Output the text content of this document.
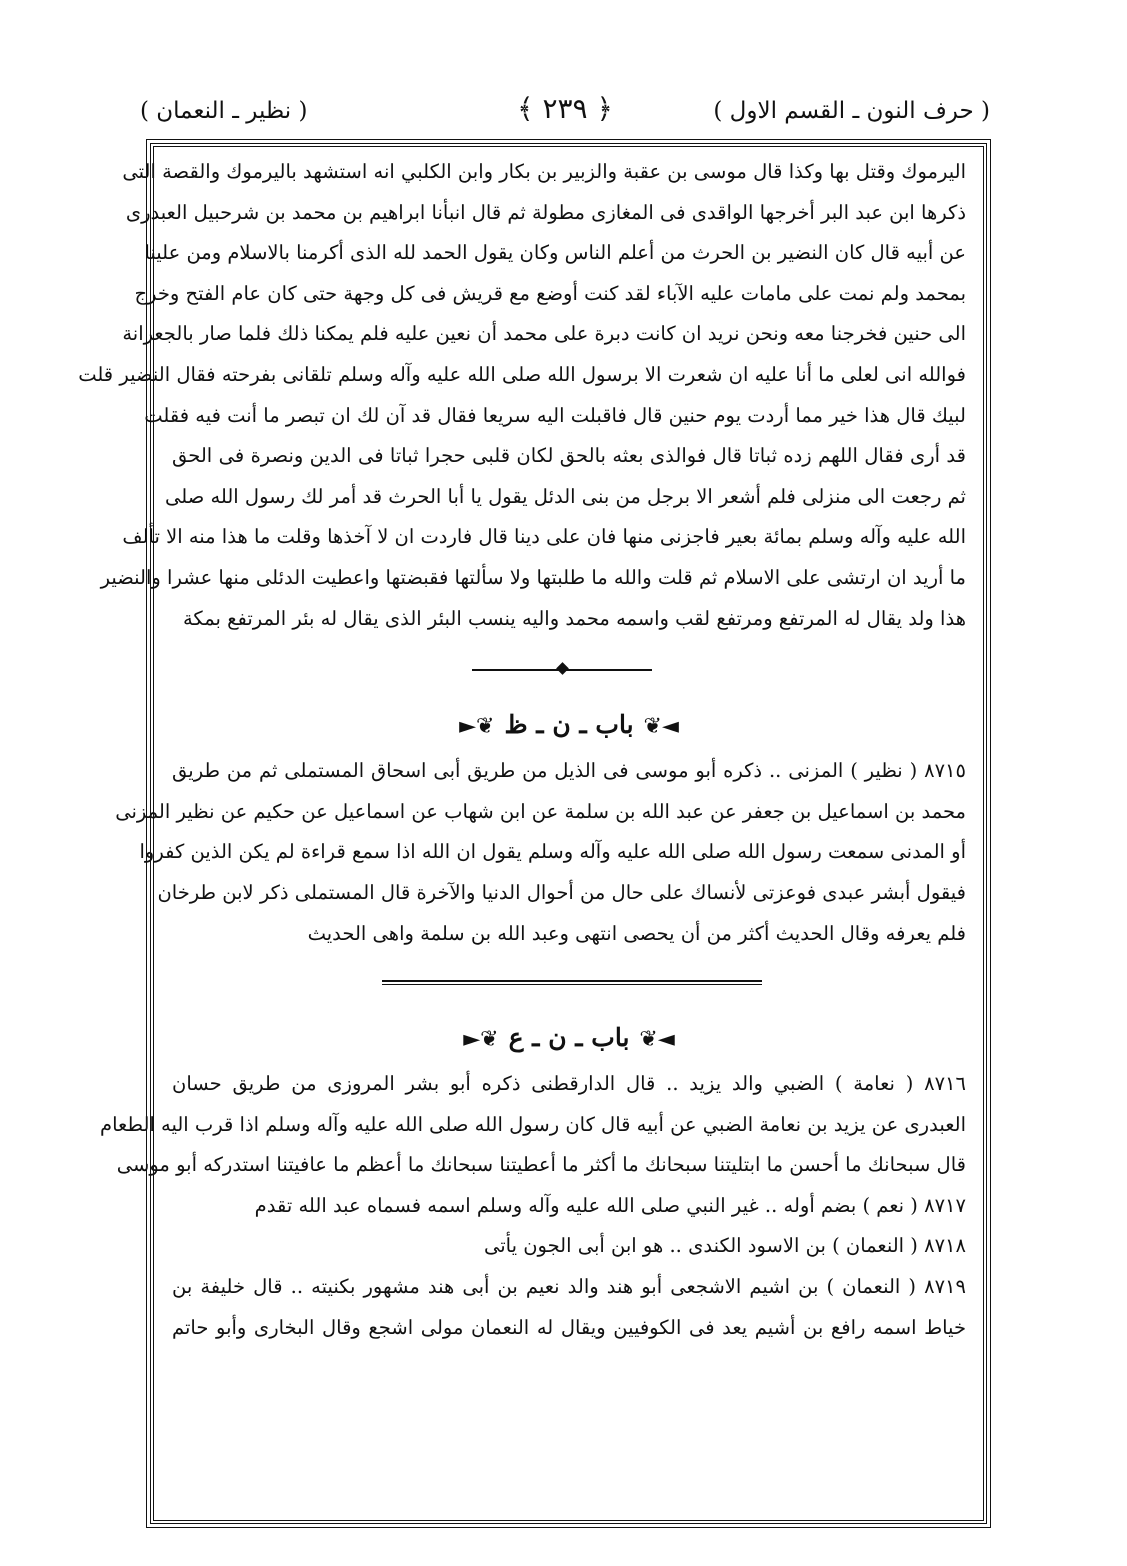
( حرف النون ـ القسم الاول )
﴿ ٢٣٩ ﴾
( نظير ـ النعمان )

اليرموك وقتل بها وكذا قال موسى بن عقبة والزبير بن بكار وابن الكلبي انه استشهد باليرموك والقصة التى

ذكرها ابن عبد البر أخرجها الواقدى فى المغازى مطولة ثم قال انبأنا ابراهيم بن محمد بن شرحبيل العبدرى

عن أبيه قال كان النضير بن الحرث من أعلم الناس وكان يقول الحمد لله الذى أكرمنا بالاسلام ومن علينا

بمحمد ولم نمت على مامات عليه الآباء لقد كنت أوضع مع قريش فى كل وجهة حتى كان عام الفتح وخرج

الى حنين فخرجنا معه ونحن نريد ان كانت دبرة على محمد أن نعين عليه فلم يمكنا ذلك فلما صار بالجعرانة

فوالله انى لعلى ما أنا عليه ان شعرت الا برسول الله صلى الله عليه وآله وسلم تلقانى بفرحته فقال النضير قلت

لبيك قال هذا خير مما أردت يوم حنين قال فاقبلت اليه سريعا فقال قد آن لك ان تبصر ما أنت فيه فقلت

قد أرى فقال اللهم زده ثباتا قال فوالذى بعثه بالحق لكان قلبى حجرا ثباتا فى الدين ونصرة فى الحق

ثم رجعت الى منزلى فلم أشعر الا برجل من بنى الدئل يقول يا أبا الحرث قد أمر لك رسول الله صلى

الله عليه وآله وسلم بمائة بعير فاجزنى منها فان على دينا قال فاردت ان لا آخذها وقلت ما هذا منه الا تألف

ما أريد ان ارتشى على الاسلام ثم قلت والله ما طلبتها ولا سألتها فقبضتها واعطيت الدئلى منها عشرا والنضير

هذا ولد يقال له المرتفع ومرتفع لقب واسمه محمد واليه ينسب البئر الذى يقال له بئر المرتفع بمكة

◄❦باب ـ ن ـ ظ❦►

٨٧١٥ ( نظير ) المزنى .. ذكره أبو موسى فى الذيل من طريق أبى اسحاق المستملى ثم من طريق

محمد بن اسماعيل بن جعفر عن عبد الله بن سلمة عن ابن شهاب عن اسماعيل عن حكيم عن نظير المزنى

أو المدنى سمعت رسول الله صلى الله عليه وآله وسلم يقول ان الله اذا سمع قراءة لم يكن الذين كفروا

فيقول أبشر عبدى فوعزتى لأنساك على حال من أحوال الدنيا والآخرة قال المستملى ذكر لابن طرخان

فلم يعرفه وقال الحديث أكثر من أن يحصى انتهى وعبد الله بن سلمة واهى الحديث

◄❦باب ـ ن ـ ع❦►

٨٧١٦ ( نعامة ) الضبي والد يزيد .. قال الدارقطنى ذكره أبو بشر المروزى من طريق حسان

العبدرى عن يزيد بن نعامة الضبي عن أبيه قال كان رسول الله صلى الله عليه وآله وسلم اذا قرب اليه الطعام

قال سبحانك ما أحسن ما ابتليتنا سبحانك ما أكثر ما أعطيتنا سبحانك ما أعظم ما عافيتنا استدركه أبو موسى

٨٧١٧ ( نعم ) بضم أوله .. غير النبي صلى الله عليه وآله وسلم اسمه فسماه عبد الله تقدم

٨٧١٨ ( النعمان ) بن الاسود الكندى .. هو ابن أبى الجون يأتى

٨٧١٩ ( النعمان ) بن اشيم الاشجعى أبو هند والد نعيم بن أبى هند مشهور بكنيته .. قال خليفة بن

خياط اسمه رافع بن أشيم يعد فى الكوفيين ويقال له النعمان مولى اشجع وقال البخارى وأبو حاتم
